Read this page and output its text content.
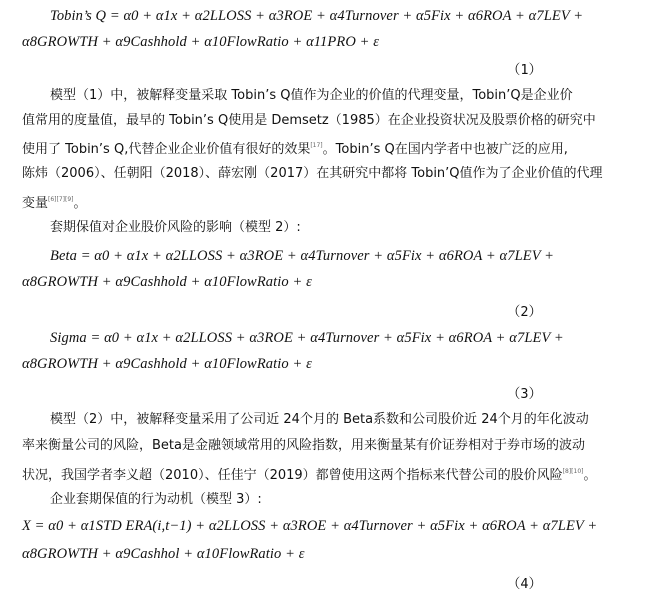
Tobin’s Q = α0 + α1x + α2LLOSS + α3ROE + α4Turnover + α5Fix + α6ROA + α7LEV +
α8GROWTH + α9Cashhold + α10FlowRatio + α11PRO + ε
（1）
模型（1）中，被解释变量采取 Tobin’s Q值作为企业的价值的代理变量，Tobin’Q是企业价
值常用的度量值，最早的 Tobin’s Q使用是 Demsetz（1985）在企业投资状况及股票价格的研究中
使用了 Tobin’s Q,代替企业企业价值有很好的效果[17]。Tobin’s Q在国内学者中也被广泛的应用,
陈炜（2006）、任朝阳（2018）、薛宏刚（2017）在其研究中都将 Tobin’Q值作为了企业价值的代理
变量[6][7][9]。
套期保值对企业股价风险的影响（模型 2）:
Beta = α0 + α1x + α2LLOSS + α3ROE + α4Turnover + α5Fix + α6ROA + α7LEV +
α8GROWTH + α9Cashhold + α10FlowRatio + ε
（2）
Sigma = α0 + α1x + α2LLOSS + α3ROE + α4Turnover + α5Fix + α6ROA + α7LEV +
α8GROWTH + α9Cashhold + α10FlowRatio + ε
（3）
模型（2）中，被解释变量采用了公司近 24个月的 Beta系数和公司股价近 24个月的年化波动
率来衡量公司的风险，Beta是金融领域常用的风险指数，用来衡量某有价证券相对于券市场的波动
状况，我国学者李义超（2010）、任佳宁（2019）都曾使用这两个指标来代替公司的股价风险[8][10]。
企业套期保值的行为动机（模型 3）:
X = α0 + α1STD ERA(i,t−1) + α2LLOSS + α3ROE + α4Turnover + α5Fix + α6ROA + α7LEV +
α8GROWTH + α9Cashhol + α10FlowRatio + ε
（4）
